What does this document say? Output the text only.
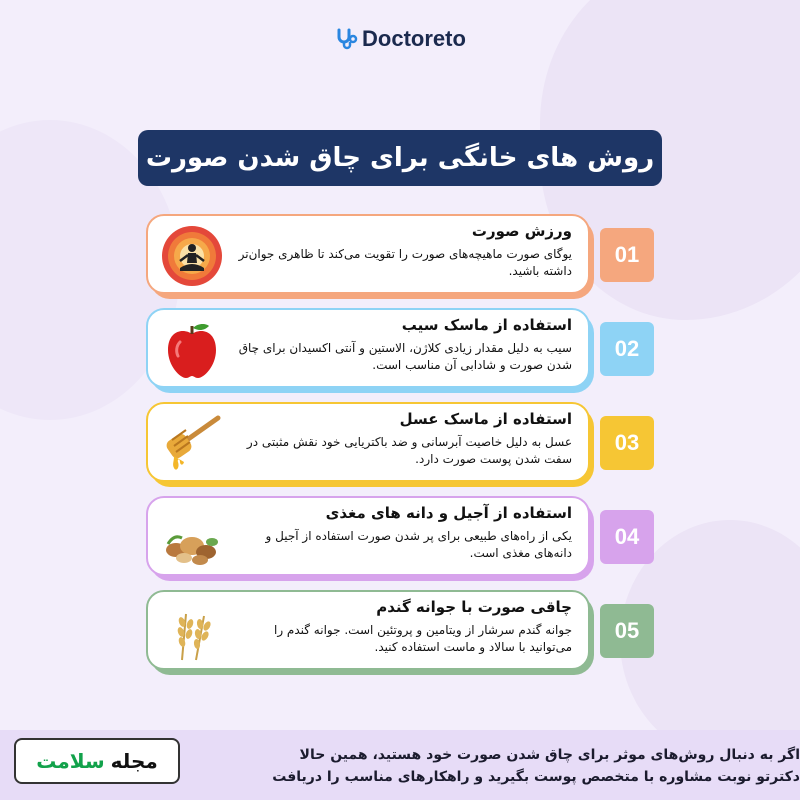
Doctoreto
روش های خانگی برای چاق شدن صورت
ورزش صورت
یوگای صورت ماهیچه‌های صورت را تقویت می‌کند تا ظاهری جوان‌تر داشته باشید.
01
استفاده از ماسک سیب
سیب به دلیل مقدار زیادی کلاژن، الاستین و آنتی اکسیدان برای چاق شدن صورت و شادابی آن مناسب است.
02
استفاده از ماسک عسل
عسل به دلیل خاصیت آبرسانی و ضد باکتریایی خود نقش مثبتی در سفت شدن پوست صورت دارد.
03
استفاده از آجیل و دانه های مغذی
یکی از راه‌های طبیعی برای پر شدن صورت استفاده از آجیل و دانه‌های مغذی است.
04
چاقی صورت با جوانه گندم
جوانه گندم سرشار از ویتامین و پروتئین است. جوانه گندم را می‌توانید با سالاد و ماست استفاده کنید.
05
اگر به دنبال روش‌های موثر برای چاق شدن صورت خود هستید، همین حالا
دکترتو نوبت مشاوره با متخصص پوست بگیرید و راهکارهای مناسب را دریافت
مجله
سلامت
